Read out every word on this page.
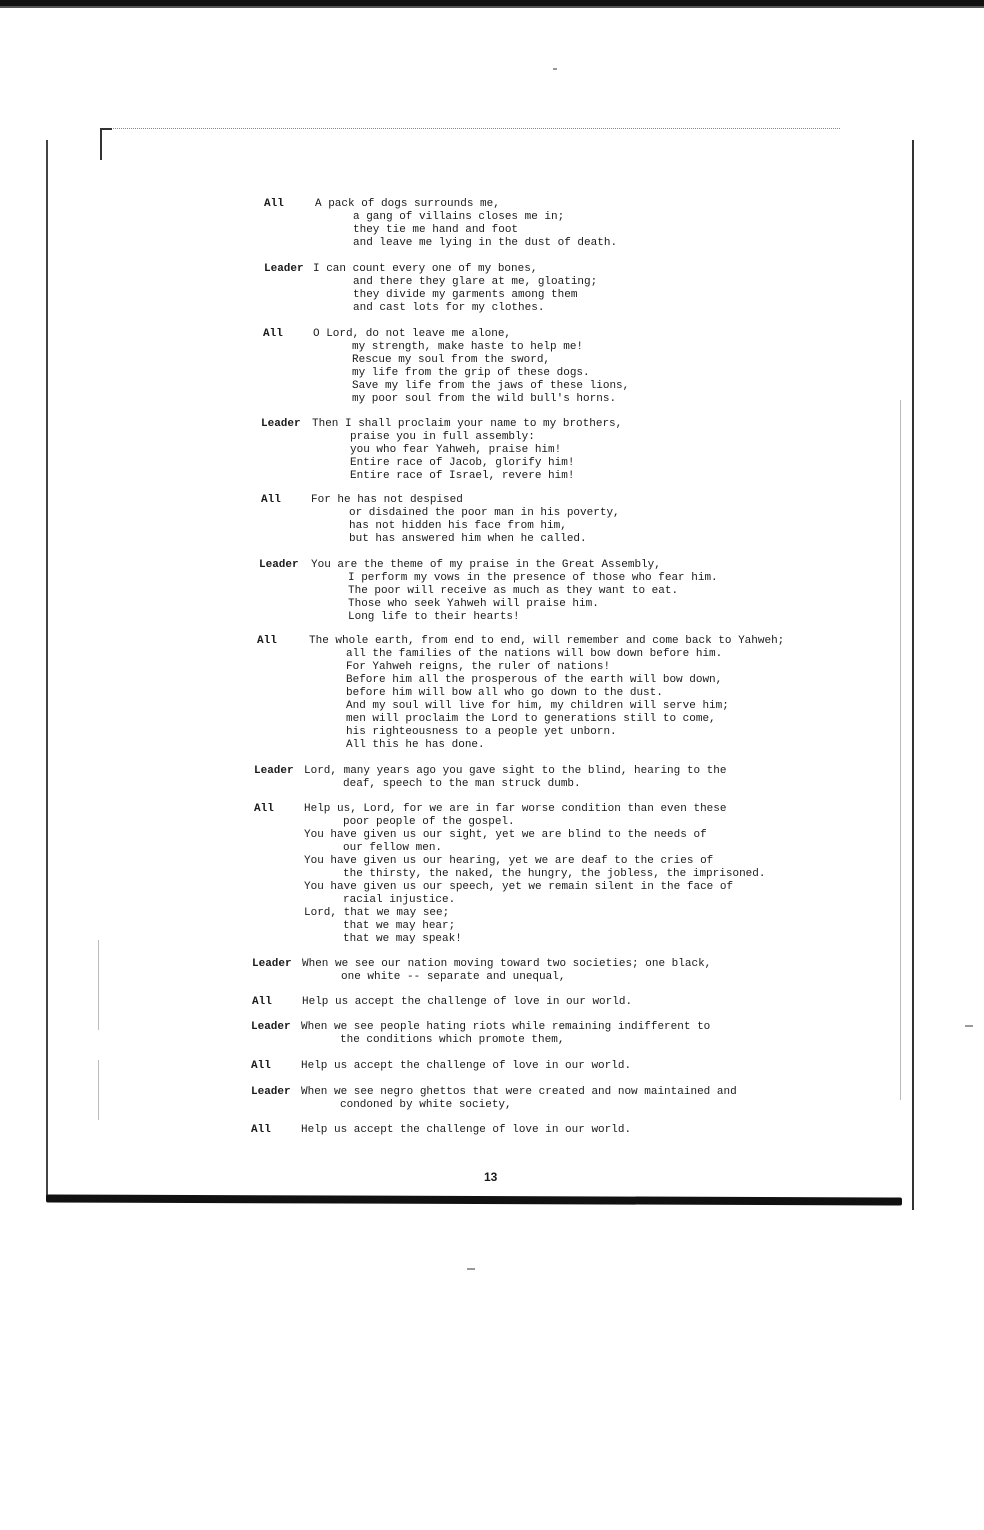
All	A pack of dogs surrounds me,
a gang of villains closes me in;
they tie me hand and foot
and leave me lying in the dust of death.
Leader I can count every one of my bones,
and there they glare at me, gloating;
they divide my garments among them
and cast lots for my clothes.
All	O Lord, do not leave me alone,
my strength, make haste to help me!
Rescue my soul from the sword,
my life from the grip of these dogs.
Save my life from the jaws of these lions,
my poor soul from the wild bull's horns.
Leader Then I shall proclaim your name to my brothers,
praise you in full assembly:
you who fear Yahweh, praise him!
Entire race of Jacob, glorify him!
Entire race of Israel, revere him!
All	For he has not despised
or disdained the poor man in his poverty,
has not hidden his face from him,
but has answered him when he called.
Leader You are the theme of my praise in the Great Assembly,
I perform my vows in the presence of those who fear him.
The poor will receive as much as they want to eat.
Those who seek Yahweh will praise him.
Long life to their hearts!
All	The whole earth, from end to end, will remember and come back to Yahweh;
all the families of the nations will bow down before him.
For Yahweh reigns, the ruler of nations!
Before him all the prosperous of the earth will bow down,
before him will bow all who go down to the dust.
And my soul will live for him, my children will serve him;
men will proclaim the Lord to generations still to come,
his righteousness to a people yet unborn.
All this he has done.
Leader Lord, many years ago you gave sight to the blind, hearing to the
deaf, speech to the man struck dumb.
All	Help us, Lord, for we are in far worse condition than even these
poor people of the gospel.
You have given us our sight, yet we are blind to the needs of
our fellow men.
You have given us our hearing, yet we are deaf to the cries of
the thirsty, the naked, the hungry, the jobless, the imprisoned.
You have given us our speech, yet we remain silent in the face of
racial injustice.
Lord, that we may see;
that we may hear;
that we may speak!
Leader When we see our nation moving toward two societies; one black,
one white -- separate and unequal,
All	Help us accept the challenge of love in our world.
Leader When we see people hating riots while remaining indifferent to
the conditions which promote them,
All	Help us accept the challenge of love in our world.
Leader When we see negro ghettos that were created and now maintained and
condoned by white society,
All	Help us accept the challenge of love in our world.
13
